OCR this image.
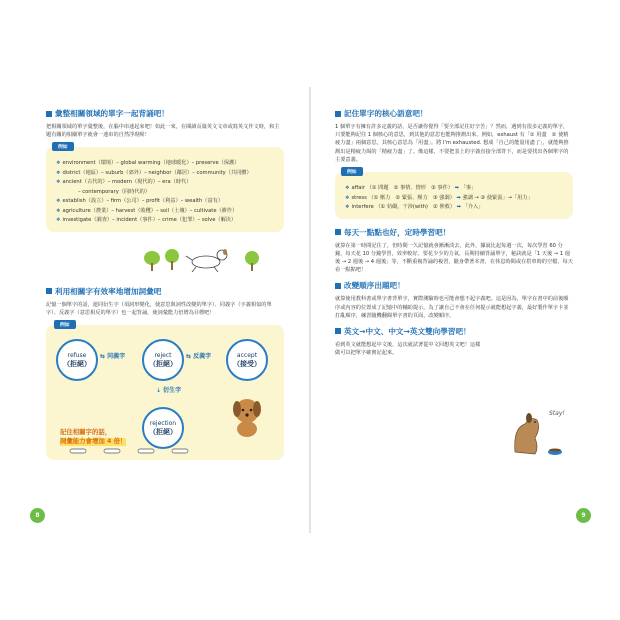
彙整相關領域的單字一起背誦吧！
把相關領域的單字彙整後，在腦中串連起來吧！如此一來，在閱讀長篇英文文章或寫英文作文時，和主題有關的相關單字就會一連串的自然浮現喔！
例如
❖ environment（環境）– global warming（地球暖化）– preserve（保護）
❖ district（地區）– suburb（郊外）– neighbor（鄰居）– community（共同體）
❖ ancient（古代的）– modern（現代的）– era（時代）
– contemporary（同時代的）
❖ establish（設立）– firm（公司）– profit（利益）– wealth（富有）
❖ agriculture（農業）– harvest（收穫）– soil（土壤）– cultivate（耕作）
❖ investigate（調查）– incident（事件）– crime（犯罪）– solve（解決）
利用相關字有效率地增加詞彙吧
記憶一個單字的話，連同衍生字（須詞形變化，使意思與詞性改變的單字）、同義字（字義相似的單字）、反義字（意思相反的單字）也一起背誦，使詞彙能力倍增為目標吧！
例如
refuse
（拒絕）
reject
（拒絕）
accept
（接受）
rejection
（拒絕）
⇆ 同義字	⇆ 反義字
⇣ 衍生字
記住相關字的話，
詞彙能力會增加 4 倍！
8
記住單字的核心語意吧！
1 個單字有擁有許多定義的話，是否讓你覺得「要全部記住好辛苦」？然而，遇到有很多定義的單字，只要能夠記住 1 個核心的意思，到其他的意思也能夠推測出來。例如，exhaust 有「① 用盡　② 使精疲力盡」兩個意思，其核心意思為「用盡」。將 I'm exhausted. 想成「自己的能量用盡了」，就能夠推測出是精疲力竭的「精疲力盡」了。像這樣，不要把表上的字義直接全部背下，而是要找出各個單字的主要意義。
例如
❖ affair （① 問題　② 事情、情形　③ 事件） ➡ 「事」
❖ stress （① 壓力　② 緊張、壓力　③ 強調） ➡ 強調 → ③ 使緊張」→「用力」
❖ interfere （① 妨礙、干涉(with)　② 伸救） ➡ 「介入」
每天一點點也好，定時學習吧！
就算在第一時間記住了，但時間一久記憶就會漸漸淡去，此外，據說比起每週一次，每次學習 60 分鐘，每天花 10 分鐘學習，效率較好。要花少少的力氣，長期持續背誦單字，秘訣就是「1 天後 → 1 週後 → 2 週後 → 4 週後」等，不斷重複背誦的複習，隨身帶著本書，在休息時間或在搭車時的空檔，每天看一點點吧！
改變順序出題吧！
就算使用教科書或單字書背單字，實際測驗時也可能會想不起字義吧。這是因為，單字在書中的前後順序或內容的位置成了記憶中的輔助提示。為了讓自己不會在任何提示就能想起字義，最好製作單字卡並打亂順序，練習隨機翻閱單字書的頁面，改變順序。
英文→中文、中文→英文雙向學習吧！
看到英文就能想起中文後，這次就試著從中文回想英文吧！這樣做可以把單字確實記起來。
Stay!
9
